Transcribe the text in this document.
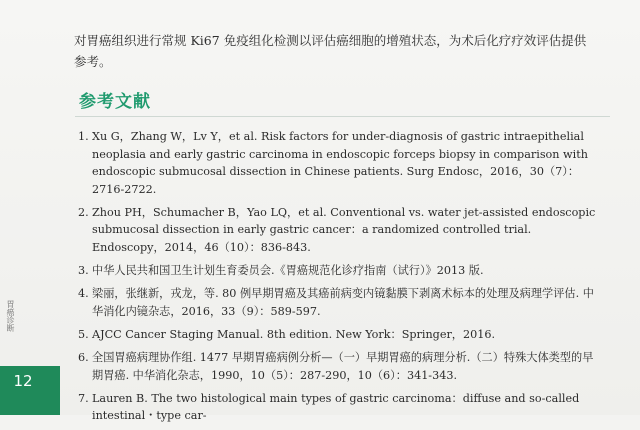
对胃癌组织进行常规 Ki67 免疫组化检测以评估癌细胞的增殖状态，为术后化疗疗效评估提供参考。

参考文献
1. Xu G，Zhang W，Lv Y，et al. Risk factors for under-diagnosis of gastric intraepithelial neoplasia and early gastric carcinoma in endoscopic forceps biopsy in comparison with endoscopic submucosal dissection in Chinese patients. Surg Endosc，2016，30（7）：2716-2722.
2. Zhou PH，Schumacher B，Yao LQ，et al. Conventional vs. water jet-assisted endoscopic submucosal dissection in early gastric cancer：a randomized controlled trial. Endoscopy，2014，46（10）：836-843.
3. 中华人民共和国卫生计划生育委员会.《胃癌规范化诊疗指南（试行）》2013 版.
4. 梁丽，张继新，戎龙，等. 80 例早期胃癌及其癌前病变内镜黏膜下剥离术标本的处理及病理学评估. 中华消化内镜杂志，2016，33（9）：589-597.
5. AJCC Cancer Staging Manual. 8th edition. New York：Springer，2016.
6. 全国胃癌病理协作组. 1477 早期胃癌病例分析—（一）早期胃癌的病理分析.（二）特殊大体类型的早期胃癌. 中华消化杂志，1990，10（5）：287-290，10（6）：341-343.
7. Lauren B. The two histological main types of gastric carcinoma：diffuse and so-called intestinal・type car-
胃癌诊断
12
